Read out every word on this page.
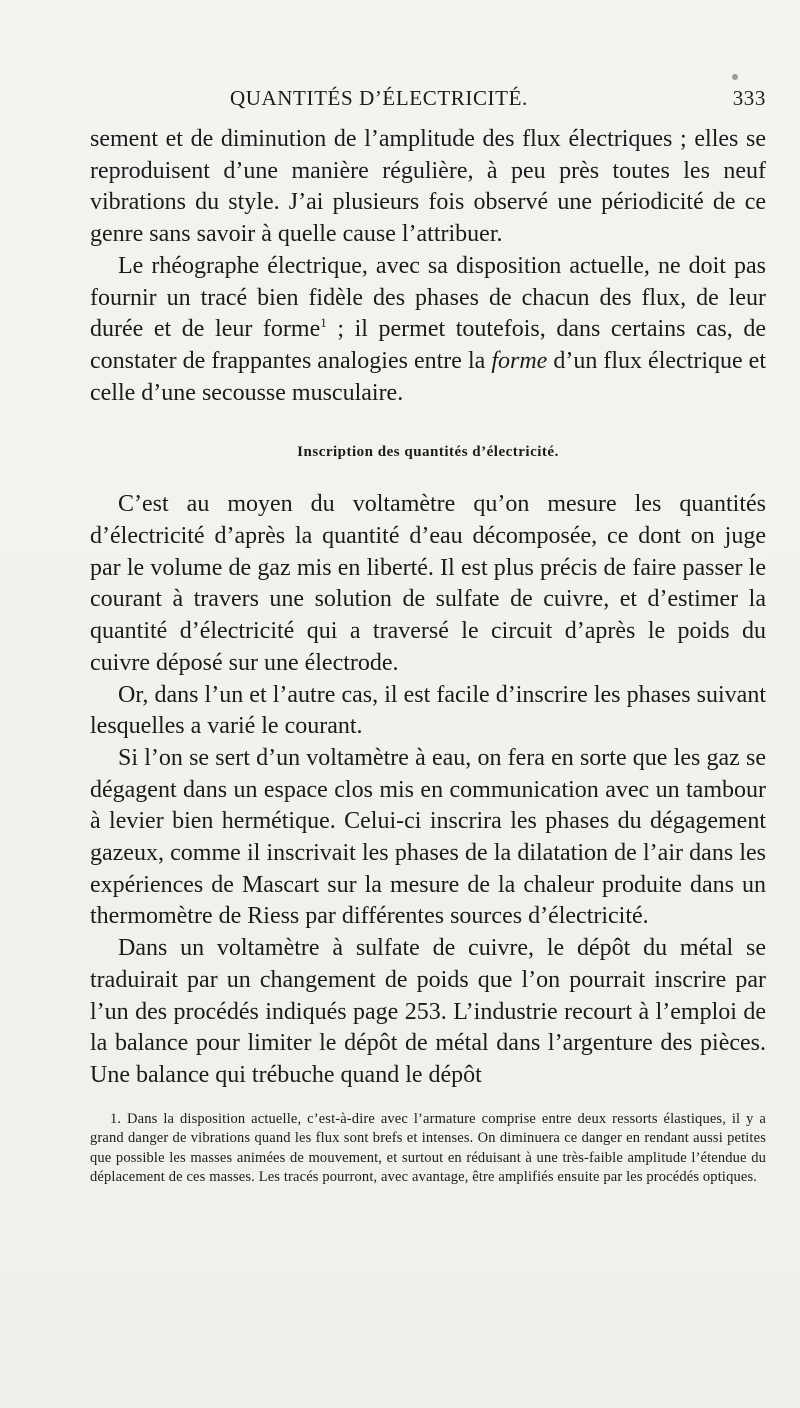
QUANTITÉS D’ÉLECTRICITÉ.	333

sement et de diminution de l’amplitude des flux électriques ; elles se reproduisent d’une manière régulière, à peu près toutes les neuf vibrations du style. J’ai plusieurs fois observé une périodicité de ce genre sans savoir à quelle cause l’attribuer.

Le rhéographe électrique, avec sa disposition actuelle, ne doit pas fournir un tracé bien fidèle des phases de chacun des flux, de leur durée et de leur forme$^1$ ; il permet toutefois, dans certains cas, de constater de frappantes analogies entre la forme d’un flux électrique et celle d’une secousse musculaire.

Inscription des quantités d’électricité.

C’est au moyen du voltamètre qu’on mesure les quantités d’électricité d’après la quantité d’eau décomposée, ce dont on juge par le volume de gaz mis en liberté. Il est plus précis de faire passer le courant à travers une solution de sulfate de cuivre, et d’estimer la quantité d’électricité qui a traversé le circuit d’après le poids du cuivre déposé sur une électrode.

Or, dans l’un et l’autre cas, il est facile d’inscrire les phases suivant lesquelles a varié le courant.

Si l’on se sert d’un voltamètre à eau, on fera en sorte que les gaz se dégagent dans un espace clos mis en communication avec un tambour à levier bien hermétique. Celui-ci inscrira les phases du dégagement gazeux, comme il inscrivait les phases de la dilatation de l’air dans les expériences de Mascart sur la mesure de la chaleur produite dans un thermomètre de Riess par différentes sources d’électricité.

Dans un voltamètre à sulfate de cuivre, le dépôt du métal se traduirait par un changement de poids que l’on pourrait inscrire par l’un des procédés indiqués page 253. L’industrie recourt à l’emploi de la balance pour limiter le dépôt de métal dans l’argenture des pièces. Une balance qui trébuche quand le dépôt

1. Dans la disposition actuelle, c’est-à-dire avec l’armature comprise entre deux ressorts élastiques, il y a grand danger de vibrations quand les flux sont brefs et intenses. On diminuera ce danger en rendant aussi petites que possible les masses animées de mouvement, et surtout en réduisant à une très-faible amplitude l’étendue du déplacement de ces masses. Les tracés pourront, avec avantage, être amplifiés ensuite par les procédés optiques.
